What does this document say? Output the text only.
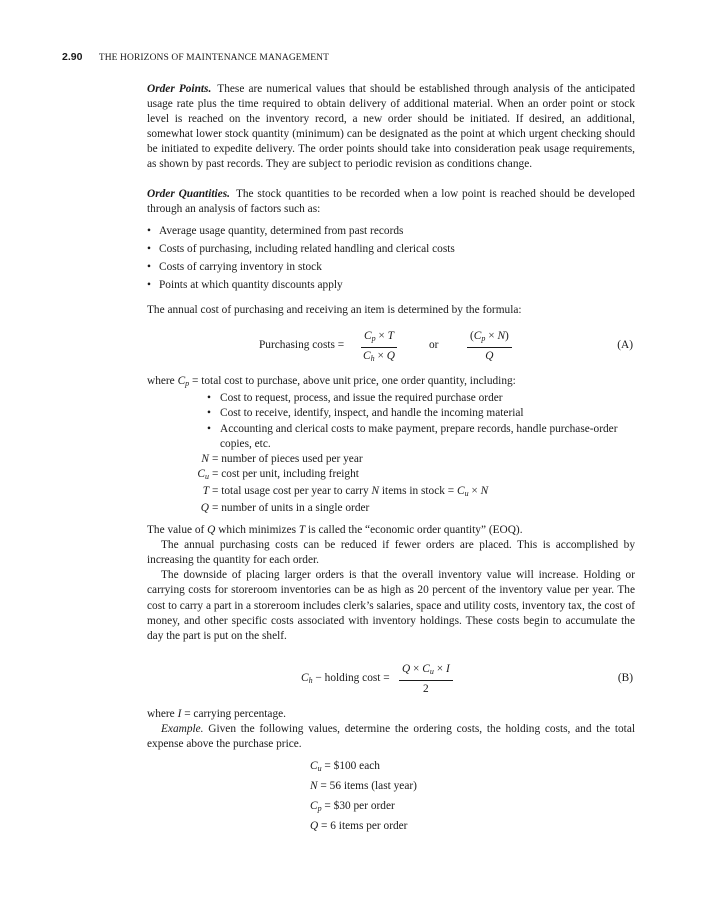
2.90 THE HORIZONS OF MAINTENANCE MANAGEMENT

Order Points. These are numerical values that should be established through analysis of the anticipated usage rate plus the time required to obtain delivery of additional material. When an order point or stock level is reached on the inventory record, a new order should be initiated. If desired, an additional, somewhat lower stock quantity (minimum) can be designated as the point at which urgent checking should be initiated to expedite delivery. The order points should take into consideration peak usage requirements, as shown by past records. They are subject to periodic revision as conditions change.

Order Quantities. The stock quantities to be recorded when a low point is reached should be developed through an analysis of factors such as:

• Average usage quantity, determined from past records
• Costs of purchasing, including related handling and clerical costs
• Costs of carrying inventory in stock
• Points at which quantity discounts apply

The annual cost of purchasing and receiving an item is determined by the formula:

Purchasing costs = $\frac{C_p \times T}{C_h \times Q}$	or	$\frac{(C_p \times N)}{Q}$	(A)

where $C_p$ = total cost to purchase, above unit price, one order quantity, including:

• Cost to request, process, and issue the required purchase order
• Cost to receive, identify, inspect, and handle the incoming material
• Accounting and clerical costs to make payment, prepare records, handle purchase-order copies, etc.
N = number of pieces used per year
$C_u = \cos t$ per unit, including freight
T = total usage cost per year to carry N items in stock = $C_u \times N$
Q = number of units in a single order

The value of Q which minimizes T is called the “economic order quantity” (EOQ).

The annual purchasing costs can be reduced if fewer orders are placed. This is accomplished by increasing the quantity for each order.

The downside of placing larger orders is that the overall inventory value will increase. Holding or carrying costs for storeroom inventories can be as high as 20 percent of the inventory value per year. The cost to carry a part in a storeroom includes clerk’s salaries, space and utility costs, inventory tax, the cost of money, and other specific costs associated with inventory holdings. These costs begin to accumulate the day the part is put on the shelf.

$C_h$ − holding $\cos t = \frac{Q \times C_u \times I}{2}$	(B)

where I = carrying percentage.

Example. Given the following values, determine the ordering costs, the holding costs, and the total expense above the purchase price.

$C_u$ = $100 each
N = 56 items (last year)
$C_p$ = $30 per order
Q = 6 items per order
